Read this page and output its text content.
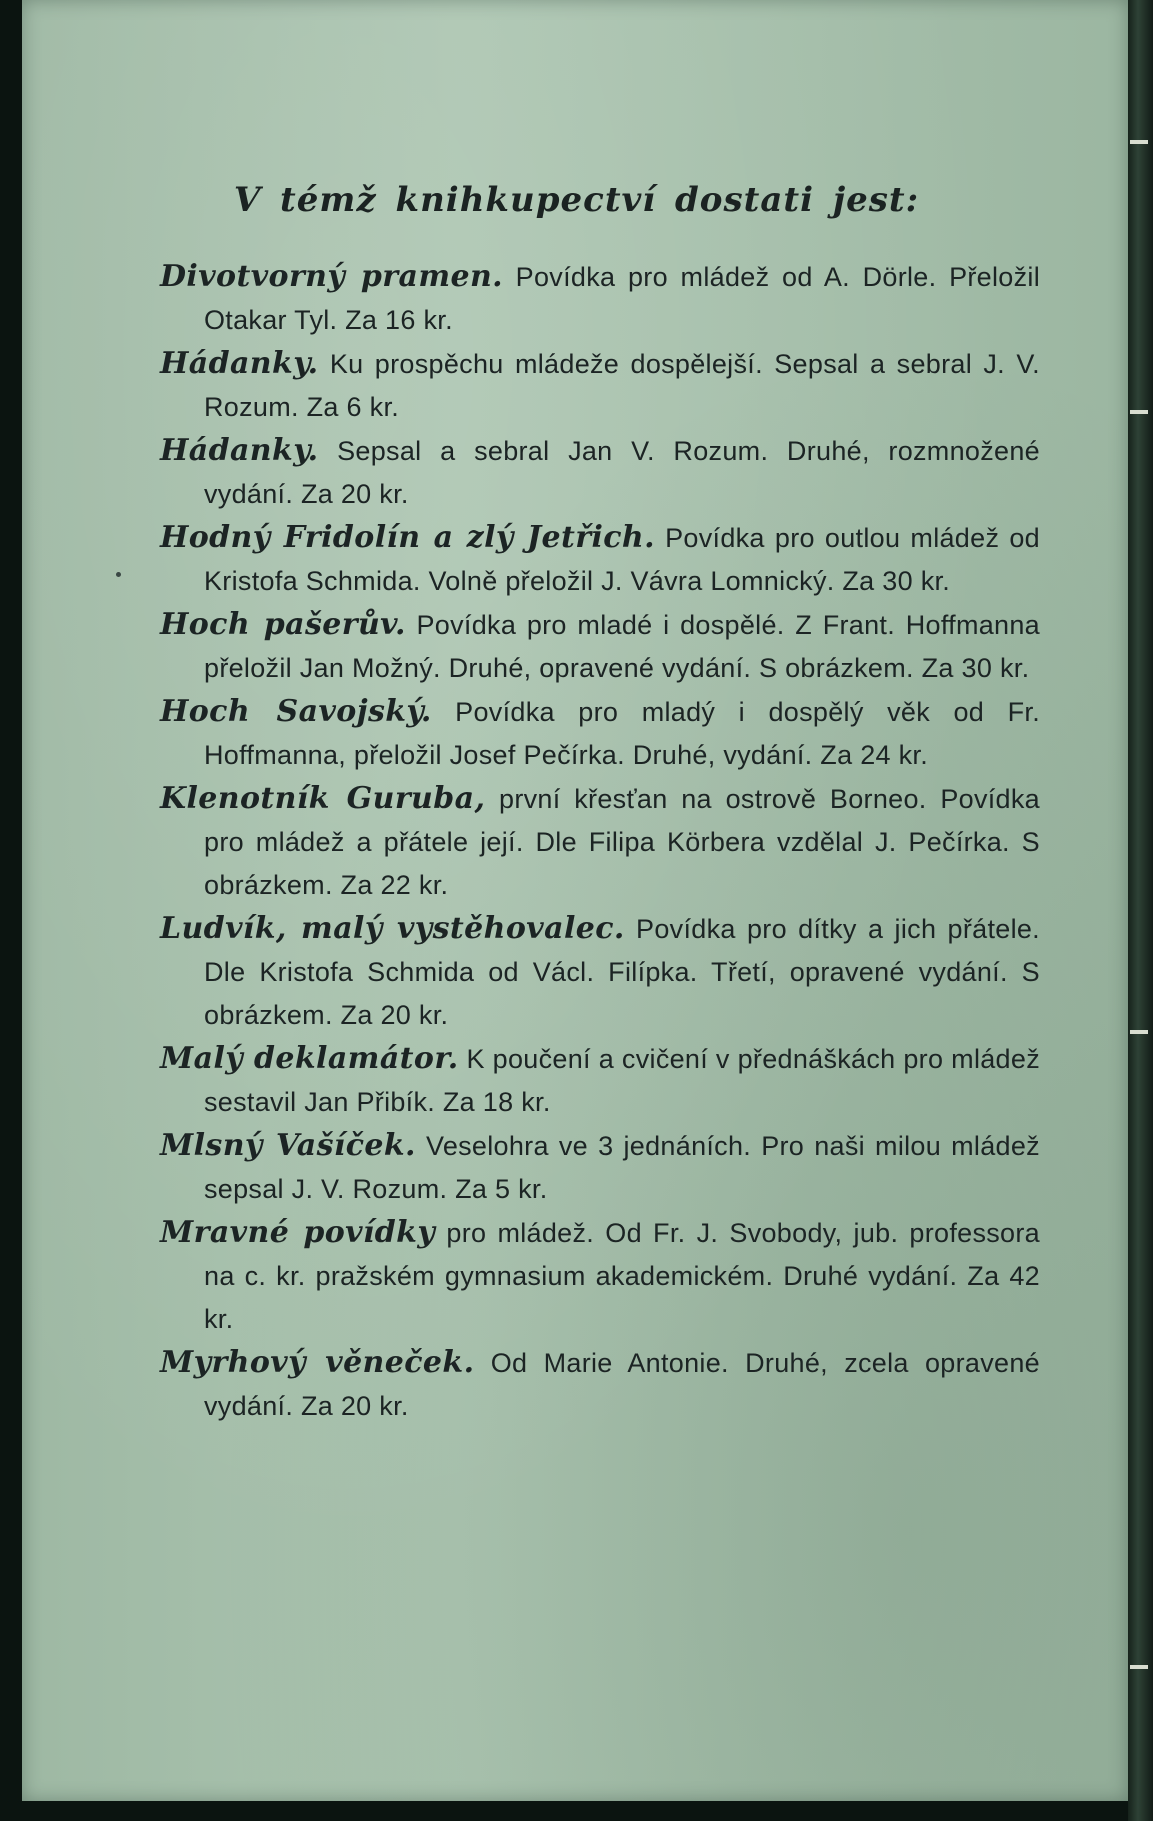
V témž knihkupectví dostati jest:
Divotvorný pramen. Povídka pro mládež od A. Dörle. Přeložil Otakar Tyl. Za 16 kr.
Hádanky. Ku prospěchu mládeže dospělejší. Sepsal a sebral J. V. Rozum. Za 6 kr.
Hádanky. Sepsal a sebral Jan V. Rozum. Druhé, rozmnožené vydání. Za 20 kr.
Hodný Fridolín a zlý Jetřich. Povídka pro outlou mládež od Kristofa Schmida. Volně přeložil J. Vávra Lomnický. Za 30 kr.
Hoch pašerův. Povídka pro mladé i dospělé. Z Frant. Hoffmanna přeložil Jan Možný. Druhé, opravené vydání. S obrázkem. Za 30 kr.
Hoch Savojský. Povídka pro mladý i dospělý věk od Fr. Hoffmanna, přeložil Josef Pečírka. Druhé, vydání. Za 24 kr.
Klenotník Guruba, první křesťan na ostrově Borneo. Povídka pro mládež a přátele její. Dle Filipa Körbera vzdělal J. Pečírka. S obrázkem. Za 22 kr.
Ludvík, malý vystěhovalec. Povídka pro dítky a jich přátele. Dle Kristofa Schmida od Václ. Filípka. Třetí, opravené vydání. S obrázkem. Za 20 kr.
Malý deklamátor. K poučení a cvičení v přednáškách pro mládež sestavil Jan Přibík. Za 18 kr.
Mlsný Vašíček. Veselohra ve 3 jednáních. Pro naši milou mládež sepsal J. V. Rozum. Za 5 kr.
Mravné povídky pro mládež. Od Fr. J. Svobody, jub. professora na c. kr. pražském gymnasium akademickém. Druhé vydání. Za 42 kr.
Myrhový věneček. Od Marie Antonie. Druhé, zcela opravené vydání. Za 20 kr.
